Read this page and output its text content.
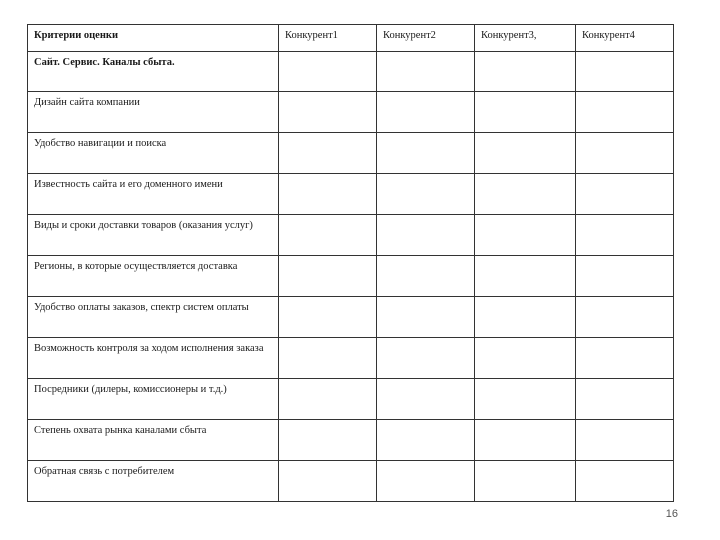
Критерии оценки	Конкурент1	Конкурент2	Конкурент3,	Конкурент4

Сайт. Сервис. Каналы сбыта.				

Дизайн сайта компании				

Удобство навигации и поиска				

Известность сайта и его доменного имени				

Виды и сроки доставки товаров (оказания услуг)				

Регионы, в которые осуществляется доставка				

Удобство оплаты заказов, спектр систем оплаты				

Возможность контроля за ходом исполнения заказа				

Посредники (дилеры, комиссионеры и т.д.)				

Степень охвата рынка каналами сбыта				

Обратная связь с потребителем				

16
